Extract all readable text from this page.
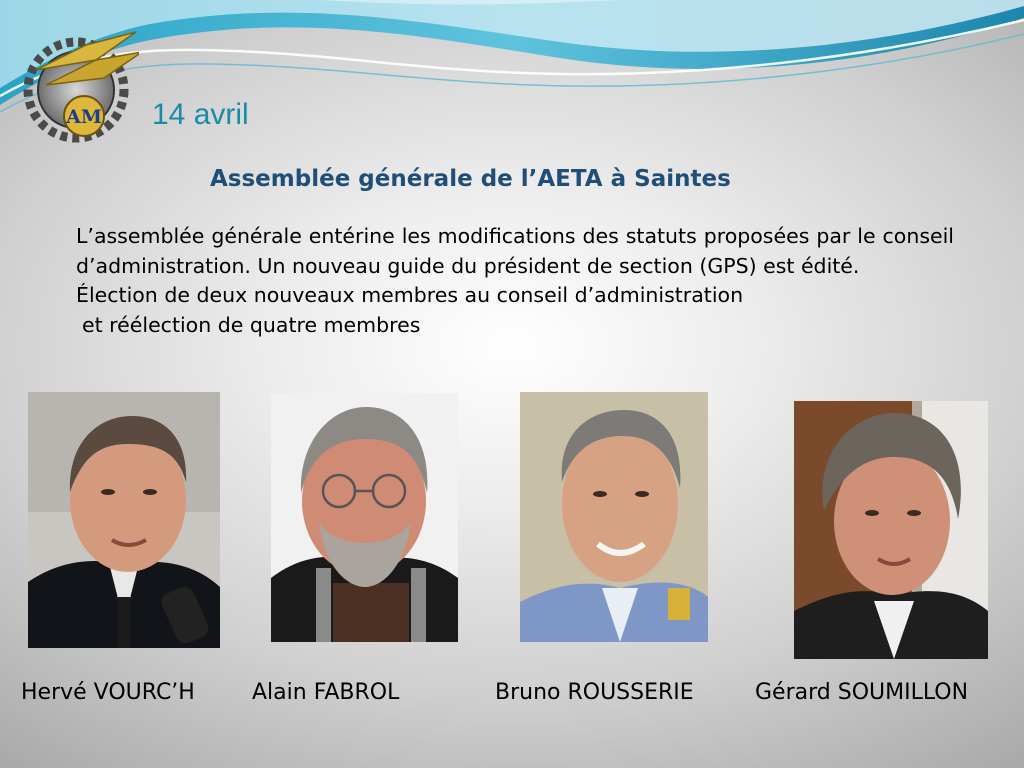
AM 14 avril
Assemblée générale de l’AETA à Saintes
L’assemblée générale entérine les modifications des statuts proposées par le conseil d’administration. Un nouveau guide du président de section (GPS) est édité.
Élection de deux nouveaux membres au conseil d’administration
et réélection de quatre membres
Hervé VOURC’H	Alain FABROL	Bruno ROUSSERIE	Gérard SOUMILLON
